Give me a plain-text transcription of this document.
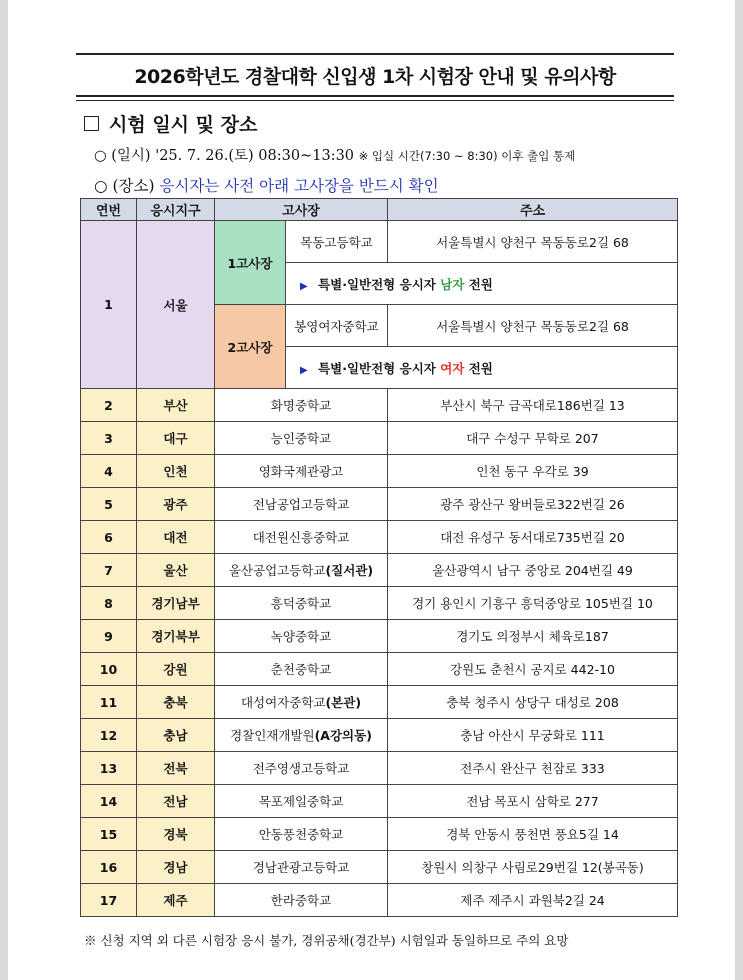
2026학년도 경찰대학 신입생 1차 시험장 안내 및 유의사항
시험 일시 및 장소
○ (일시) '25. 7. 26.(토) 08:30~13:30 ※ 입실 시간(7:30 ~ 8:30) 이후 출입 통제
○ (장소) 응시자는 사전 아래 고사장을 반드시 확인
연번	응시지구	고사장		주소
1	서울	1고사장	목동고등학교	서울특별시 양천구 목동동로2길 68
			▶ 특별·일반전형 응시자 남자 전원	
		2고사장	봉영여자중학교	서울특별시 양천구 목동동로2길 68
			▶ 특별·일반전형 응시자 여자 전원	
2	부산	화명중학교		부산시 북구 금곡대로186번길 13
3	대구	능인중학교		대구 수성구 무학로 207
4	인천	영화국제관광고		인천 동구 우각로 39
5	광주	전남공업고등학교		광주 광산구 왕버들로322번길 26
6	대전	대전원신흥중학교		대전 유성구 동서대로735번길 20
7	울산	울산공업고등학교(질서관)		울산광역시 남구 중앙로 204번길 49
8	경기남부	흥덕중학교		경기 용인시 기흥구 흥덕중앙로 105번길 10
9	경기북부	녹양중학교		경기도 의정부시 체육로187
10	강원	춘천중학교		강원도 춘천시 공지로 442-10
11	충북	대성여자중학교(본관)		충북 청주시 상당구 대성로 208
12	충남	경찰인재개발원(A강의동)		충남 아산시 무궁화로 111
13	전북	전주영생고등학교		전주시 완산구 천잠로 333
14	전남	목포제일중학교		전남 목포시 삼학로 277
15	경북	안동풍천중학교		경북 안동시 풍천면 풍요5길 14
16	경남	경남관광고등학교		창원시 의창구 사림로29번길 12(봉곡동)
17	제주	한라중학교		제주 제주시 과원북2길 24
※ 신청 지역 외 다른 시험장 응시 불가, 경위공채(경간부) 시험일과 동일하므로 주의 요망
